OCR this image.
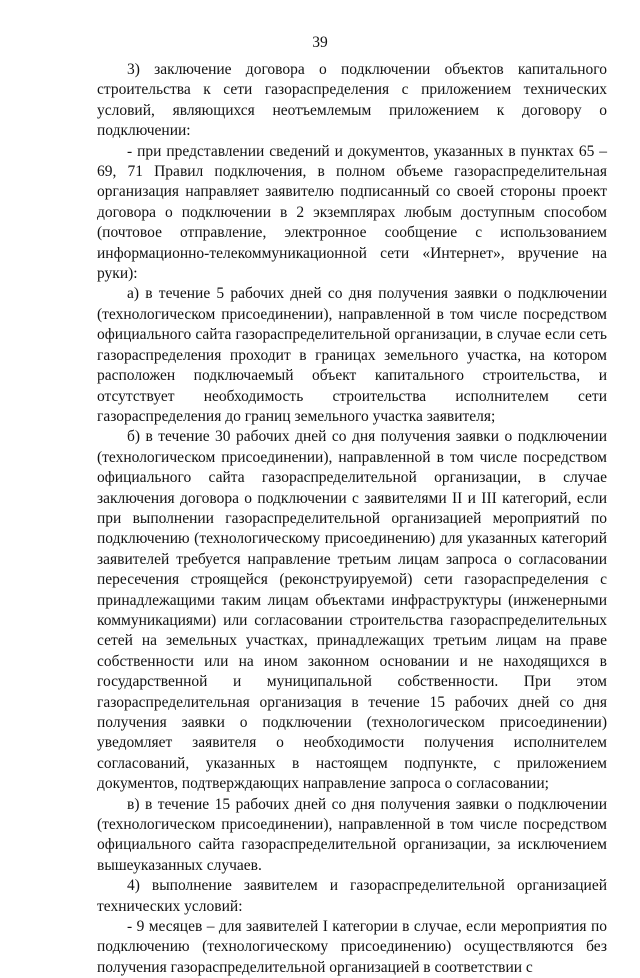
39

3) заключение договора о подключении объектов капитального строительства к сети газораспределения с приложением технических условий, являющихся неотъемлемым приложением к договору о подключении:

- при представлении сведений и документов, указанных в пунктах 65 – 69, 71 Правил подключения, в полном объеме газораспределительная организация направляет заявителю подписанный со своей стороны проект договора о подключении в 2 экземплярах любым доступным способом (почтовое отправление, электронное сообщение с использованием информационно-телекоммуникационной сети «Интернет», вручение на руки):

а) в течение 5 рабочих дней со дня получения заявки о подключении (технологическом присоединении), направленной в том числе посредством официального сайта газораспределительной организации, в случае если сеть газораспределения проходит в границах земельного участка, на котором расположен подключаемый объект капитального строительства, и отсутствует необходимость строительства исполнителем сети газораспределения до границ земельного участка заявителя;

б) в течение 30 рабочих дней со дня получения заявки о подключении (технологическом присоединении), направленной в том числе посредством официального сайта газораспределительной организации, в случае заключения договора о подключении с заявителями II и III категорий, если при выполнении газораспределительной организацией мероприятий по подключению (технологическому присоединению) для указанных категорий заявителей требуется направление третьим лицам запроса о согласовании пересечения строящейся (реконструируемой) сети газораспределения с принадлежащими таким лицам объектами инфраструктуры (инженерными коммуникациями) или согласовании строительства газораспределительных сетей на земельных участках, принадлежащих третьим лицам на праве собственности или на ином законном основании и не находящихся в государственной и муниципальной собственности. При этом газораспределительная организация в течение 15 рабочих дней со дня получения заявки о подключении (технологическом присоединении) уведомляет заявителя о необходимости получения исполнителем согласований, указанных в настоящем подпункте, с приложением документов, подтверждающих направление запроса о согласовании;

в) в течение 15 рабочих дней со дня получения заявки о подключении (технологическом присоединении), направленной в том числе посредством официального сайта газораспределительной организации, за исключением вышеуказанных случаев.

4) выполнение заявителем и газораспределительной организацией технических условий:

- 9 месяцев – для заявителей I категории в случае, если мероприятия по подключению (технологическому присоединению) осуществляются без получения газораспределительной организацией в соответствии с
